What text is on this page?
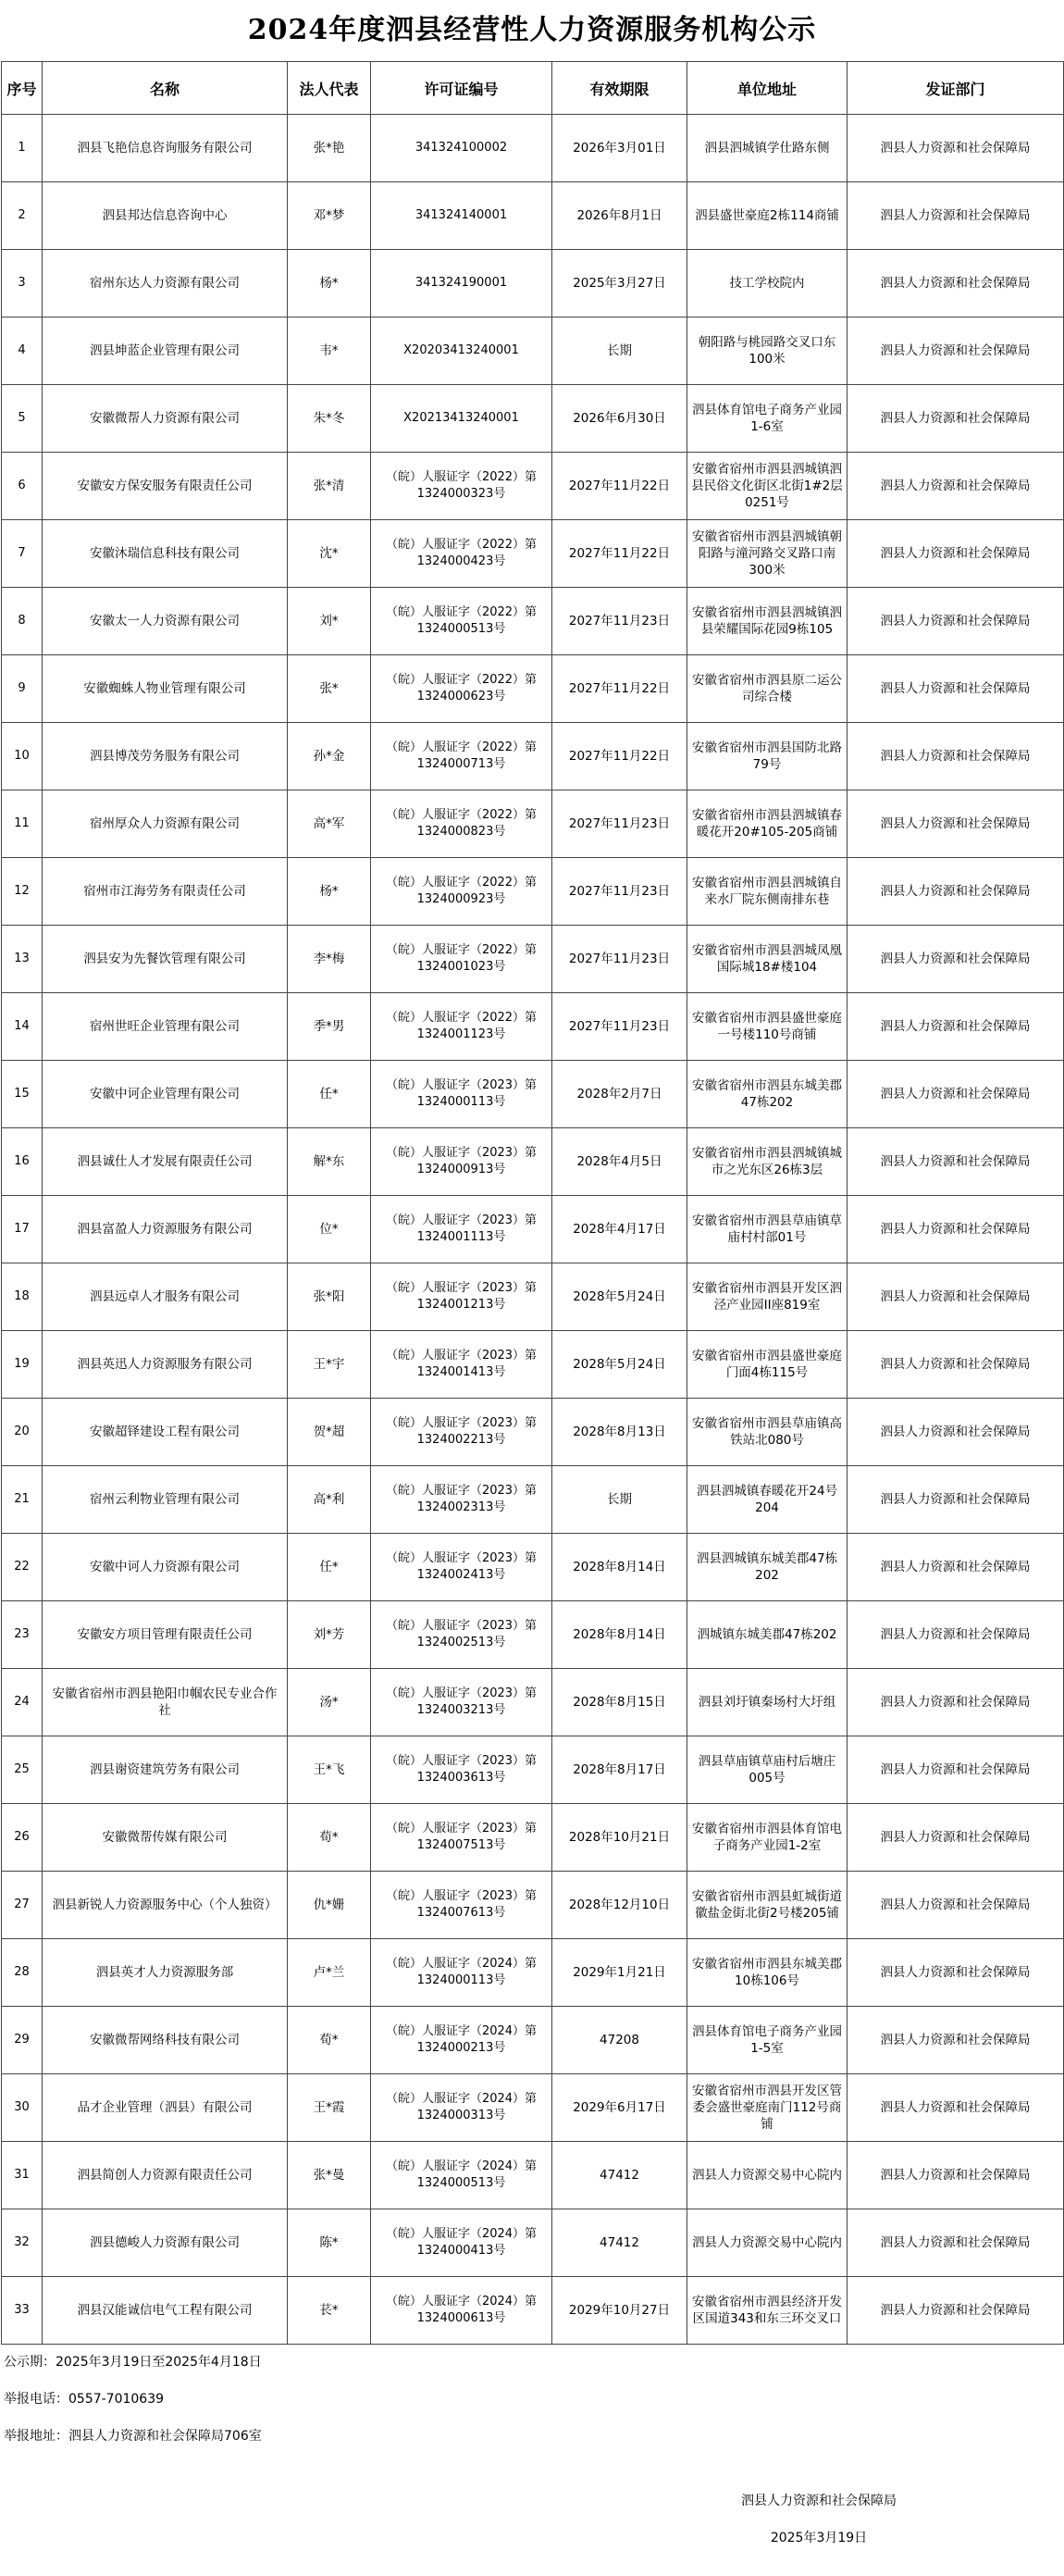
2024年度泗县经营性人力资源服务机构公示
序号	名称	法人代表	许可证编号	有效期限	单位地址	发证部门
1	泗县飞艳信息咨询服务有限公司	张*艳	341324100002	2026年3月01日	泗县泗城镇学仕路东侧	泗县人力资源和社会保障局
2	泗县邦达信息咨询中心	邓*梦	341324140001	2026年8月1日	泗县盛世豪庭2栋114商铺	泗县人力资源和社会保障局
3	宿州东达人力资源有限公司	杨*	341324190001	2025年3月27日	技工学校院内	泗县人力资源和社会保障局
4	泗县坤蓝企业管理有限公司	韦*	X20203413240001	长期	朝阳路与桃园路交叉口东100米	泗县人力资源和社会保障局
5	安徽微帮人力资源有限公司	朱*冬	X20213413240001	2026年6月30日	泗县体育馆电子商务产业园1-6室	泗县人力资源和社会保障局
6	安徽安方保安服务有限责任公司	张*清	（皖）人服证字（2022）第1324000323号	2027年11月22日	安徽省宿州市泗县泗城镇泗县民俗文化街区北街1#2层0251号	泗县人力资源和社会保障局
7	安徽沐瑞信息科技有限公司	沈*	（皖）人服证字（2022）第1324000423号	2027年11月22日	安徽省宿州市泗县泗城镇朝阳路与潼河路交叉路口南300米	泗县人力资源和社会保障局
8	安徽太一人力资源有限公司	刘*	（皖）人服证字（2022）第1324000513号	2027年11月23日	安徽省宿州市泗县泗城镇泗县荣耀国际花园9栋105	泗县人力资源和社会保障局
9	安徽蜘蛛人物业管理有限公司	张*	（皖）人服证字（2022）第1324000623号	2027年11月22日	安徽省宿州市泗县原二运公司综合楼	泗县人力资源和社会保障局
10	泗县博茂劳务服务有限公司	孙*金	（皖）人服证字（2022）第1324000713号	2027年11月22日	安徽省宿州市泗县国防北路79号	泗县人力资源和社会保障局
11	宿州厚众人力资源有限公司	高*军	（皖）人服证字（2022）第1324000823号	2027年11月23日	安徽省宿州市泗县泗城镇春暖花开20#105-205商铺	泗县人力资源和社会保障局
12	宿州市江海劳务有限责任公司	杨*	（皖）人服证字（2022）第1324000923号	2027年11月23日	安徽省宿州市泗县泗城镇自来水厂院东侧南排东巷	泗县人力资源和社会保障局
13	泗县安为先餐饮管理有限公司	李*梅	（皖）人服证字（2022）第1324001023号	2027年11月23日	安徽省宿州市泗县泗城凤凰国际城18#楼104	泗县人力资源和社会保障局
14	宿州世旺企业管理有限公司	季*男	（皖）人服证字（2022）第1324001123号	2027年11月23日	安徽省宿州市泗县盛世豪庭一号楼110号商铺	泗县人力资源和社会保障局
15	安徽中诃企业管理有限公司	任*	（皖）人服证字（2023）第1324000113号	2028年2月7日	安徽省宿州市泗县东城美郡47栋202	泗县人力资源和社会保障局
16	泗县诚仕人才发展有限责任公司	解*东	（皖）人服证字（2023）第1324000913号	2028年4月5日	安徽省宿州市泗县泗城镇城市之光东区26栋3层	泗县人力资源和社会保障局
17	泗县富盈人力资源服务有限公司	位*	（皖）人服证字（2023）第1324001113号	2028年4月17日	安徽省宿州市泗县草庙镇草庙村村部01号	泗县人力资源和社会保障局
18	泗县远卓人才服务有限公司	张*阳	（皖）人服证字（2023）第1324001213号	2028年5月24日	安徽省宿州市泗县开发区泗泾产业园II座819室	泗县人力资源和社会保障局
19	泗县英迅人力资源服务有限公司	王*宇	（皖）人服证字（2023）第1324001413号	2028年5月24日	安徽省宿州市泗县盛世豪庭门面4栋115号	泗县人力资源和社会保障局
20	安徽超铎建设工程有限公司	贺*超	（皖）人服证字（2023）第1324002213号	2028年8月13日	安徽省宿州市泗县草庙镇高铁站北080号	泗县人力资源和社会保障局
21	宿州云利物业管理有限公司	高*利	（皖）人服证字（2023）第1324002313号	长期	泗县泗城镇春暖花开24号204	泗县人力资源和社会保障局
22	安徽中诃人力资源有限公司	任*	（皖）人服证字（2023）第1324002413号	2028年8月14日	泗县泗城镇东城美郡47栋202	泗县人力资源和社会保障局
23	安徽安方项目管理有限责任公司	刘*芳	（皖）人服证字（2023）第1324002513号	2028年8月14日	泗城镇东城美郡47栋202	泗县人力资源和社会保障局
24	安徽省宿州市泗县艳阳巾帼农民专业合作社	汤*	（皖）人服证字（2023）第1324003213号	2028年8月15日	泗县刘圩镇秦场村大圩组	泗县人力资源和社会保障局
25	泗县谢资建筑劳务有限公司	王*飞	（皖）人服证字（2023）第1324003613号	2028年8月17日	泗县草庙镇草庙村后塘庄005号	泗县人力资源和社会保障局
26	安徽微帮传媒有限公司	荀*	（皖）人服证字（2023）第1324007513号	2028年10月21日	安徽省宿州市泗县体育馆电子商务产业园1-2室	泗县人力资源和社会保障局
27	泗县新锐人力资源服务中心（个人独资）	仇*姗	（皖）人服证字（2023）第1324007613号	2028年12月10日	安徽省宿州市泗县虹城街道徽盐金街北街2号楼205铺	泗县人力资源和社会保障局
28	泗县英才人力资源服务部	卢*兰	（皖）人服证字（2024）第1324000113号	2029年1月21日	安徽省宿州市泗县东城美郡10栋106号	泗县人力资源和社会保障局
29	安徽微帮网络科技有限公司	荀*	（皖）人服证字（2024）第1324000213号	47208	泗县体育馆电子商务产业园1-5室	泗县人力资源和社会保障局
30	品才企业管理（泗县）有限公司	王*霞	（皖）人服证字（2024）第1324000313号	2029年6月17日	安徽省宿州市泗县开发区管委会盛世豪庭南门112号商铺	泗县人力资源和社会保障局
31	泗县简创人力资源有限责任公司	张*曼	（皖）人服证字（2024）第1324000513号	47412	泗县人力资源交易中心院内	泗县人力资源和社会保障局
32	泗县德峻人力资源有限公司	陈*	（皖）人服证字（2024）第1324000413号	47412	泗县人力资源交易中心院内	泗县人力资源和社会保障局
33	泗县汉能诚信电气工程有限公司	苌*	（皖）人服证字（2024）第1324000613号	2029年10月27日	安徽省宿州市泗县经济开发区国道343和东三环交叉口	泗县人力资源和社会保障局
公示期：2025年3月19日至2025年4月18日
举报电话：0557-7010639
举报地址：泗县人力资源和社会保障局706室
泗县人力资源和社会保障局
2025年3月19日
